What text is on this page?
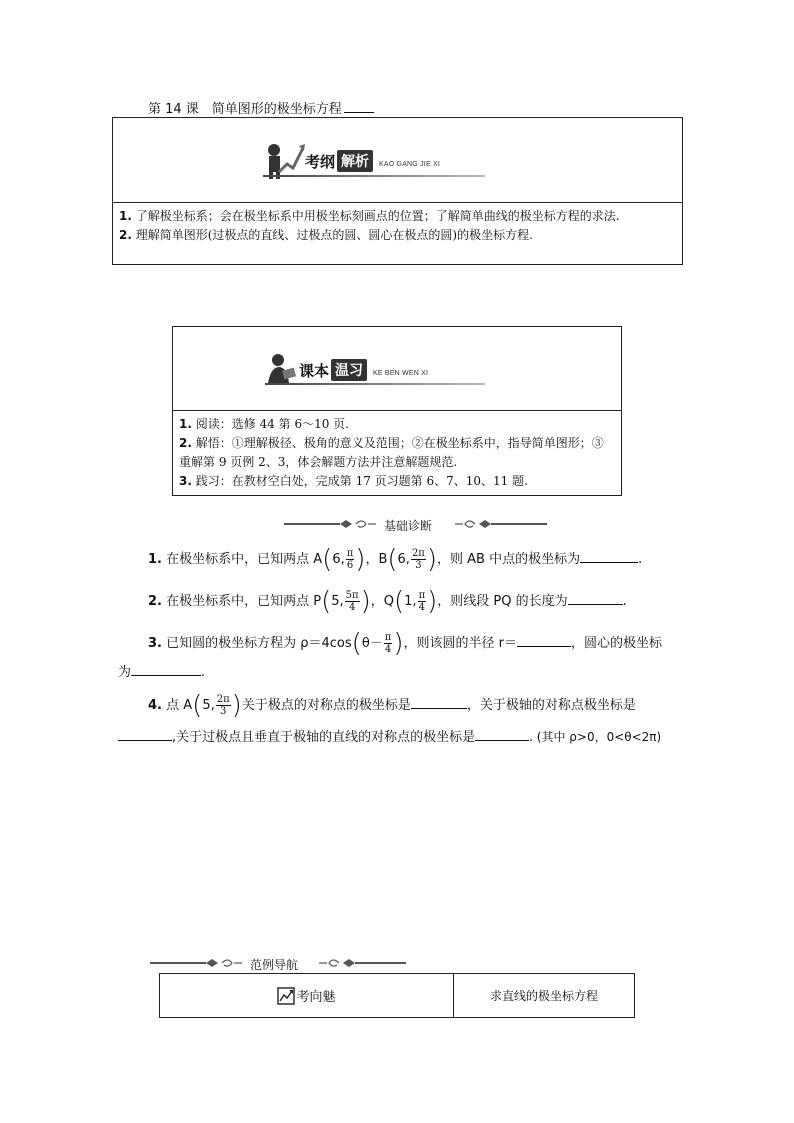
第 14 课　简单图形的极坐标方程
考纲 解析	KAO GANG JIE XI
1. 了解极坐标系；会在极坐标系中用极坐标刻画点的位置；了解简单曲线的极坐标方程的求法.
2. 理解简单图形(过极点的直线、过极点的圆、圆心在极点的圆)的极坐标方程.
课本 温习	KE BEN WEN XI
1. 阅读：选修 44 第 6～10 页.
2. 解悟：①理解极径、极角的意义及范围；②在极坐标系中，指导简单图形；③重解第 9 页例 2、3，体会解题方法并注意解题规范.
3. 践习：在教材空白处，完成第 17 页习题第 6、7、10、11 题.
基础诊断
1. 在极坐标系中，已知两点 A(6, $\frac{\pi}{6}$ )，B(6, $\frac{2\pi}{3}$ )，则 AB 中点的极坐标为	.
2. 在极坐标系中，已知两点 P(5, $\frac{5\pi}{4}$ )，Q(1, $\frac{\pi}{4}$ )，则线段 PQ 的长度为	.
3. 已知圆的极坐标方程为 $\rho=4\cos(\theta- \frac{\pi}{4}$ )，则该圆的半径 r＝	，圆心的极坐标
为	.
4. 点 A(5, $\frac{2\pi}{3}$ )关于极点的对称点的极坐标是	，关于极轴的对称点极坐标是
,关于过极点且垂直于极轴的直线的对称点的极坐标是	. (其中 ρ>0，0<θ<2π)
范例导航
考向 魅	求直线的极坐标方程
